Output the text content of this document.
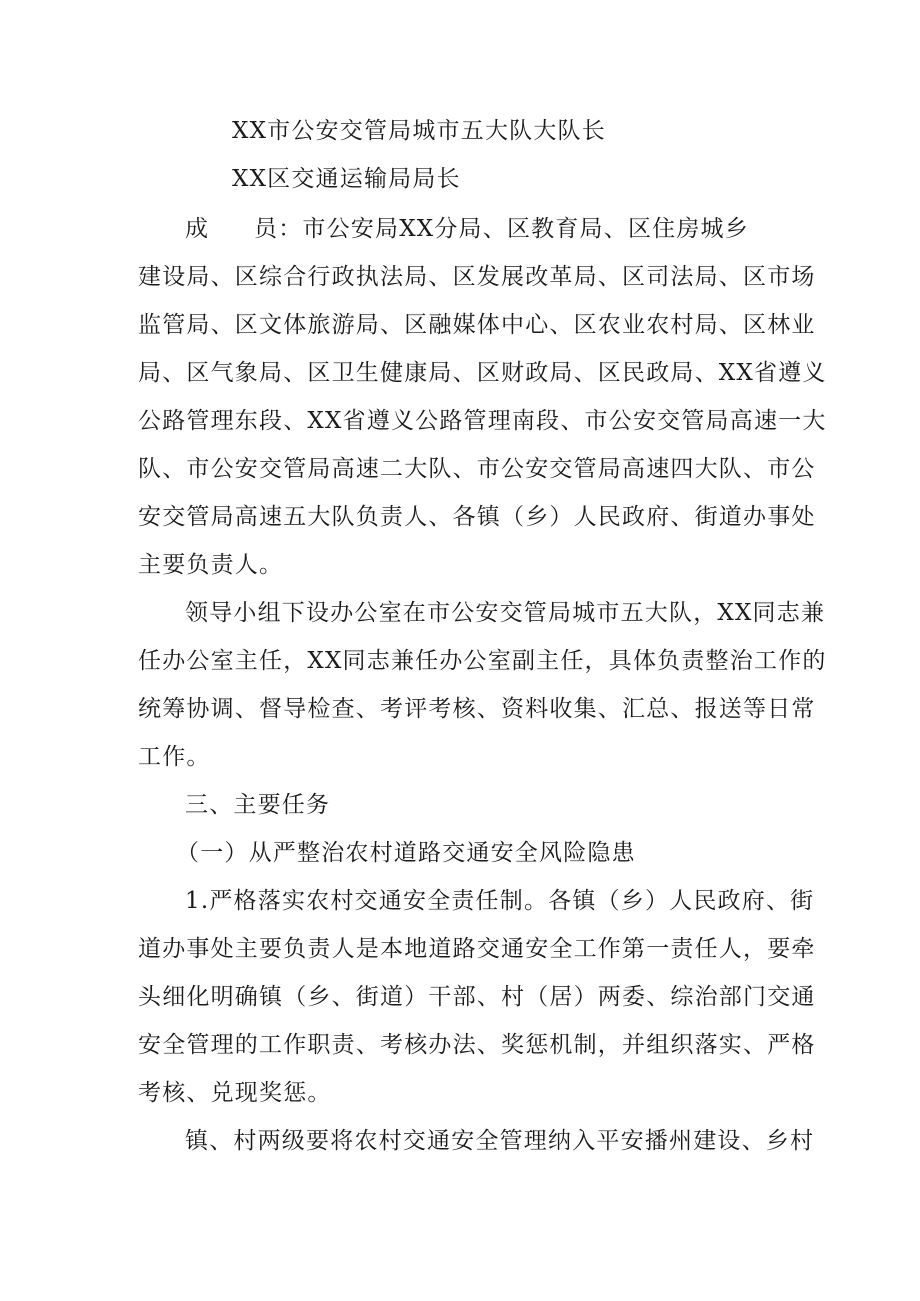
XX市公安交管局城市五大队大队长
XX区交通运输局局长
成 员：市公安局XX分局、区教育局、区住房城乡
建设局、区综合行政执法局、区发展改革局、区司法局、区市场
监管局、区文体旅游局、区融媒体中心、区农业农村局、区林业
局、区气象局、区卫生健康局、区财政局、区民政局、XX省遵义
公路管理东段、XX省遵义公路管理南段、市公安交管局高速一大
队、市公安交管局高速二大队、市公安交管局高速四大队、市公
安交管局高速五大队负责人、各镇（乡）人民政府、街道办事处
主要负责人。
领导小组下设办公室在市公安交管局城市五大队，XX同志兼
任办公室主任，XX同志兼任办公室副主任，具体负责整治工作的
统筹协调、督导检查、考评考核、资料收集、汇总、报送等日常
工作。
三、主要任务
（一）从严整治农村道路交通安全风险隐患
1.严格落实农村交通安全责任制。各镇（乡）人民政府、街
道办事处主要负责人是本地道路交通安全工作第一责任人，要牵
头细化明确镇（乡、街道）干部、村（居）两委、综治部门交通
安全管理的工作职责、考核办法、奖惩机制，并组织落实、严格
考核、兑现奖惩。
镇、村两级要将农村交通安全管理纳入平安播州建设、乡村
